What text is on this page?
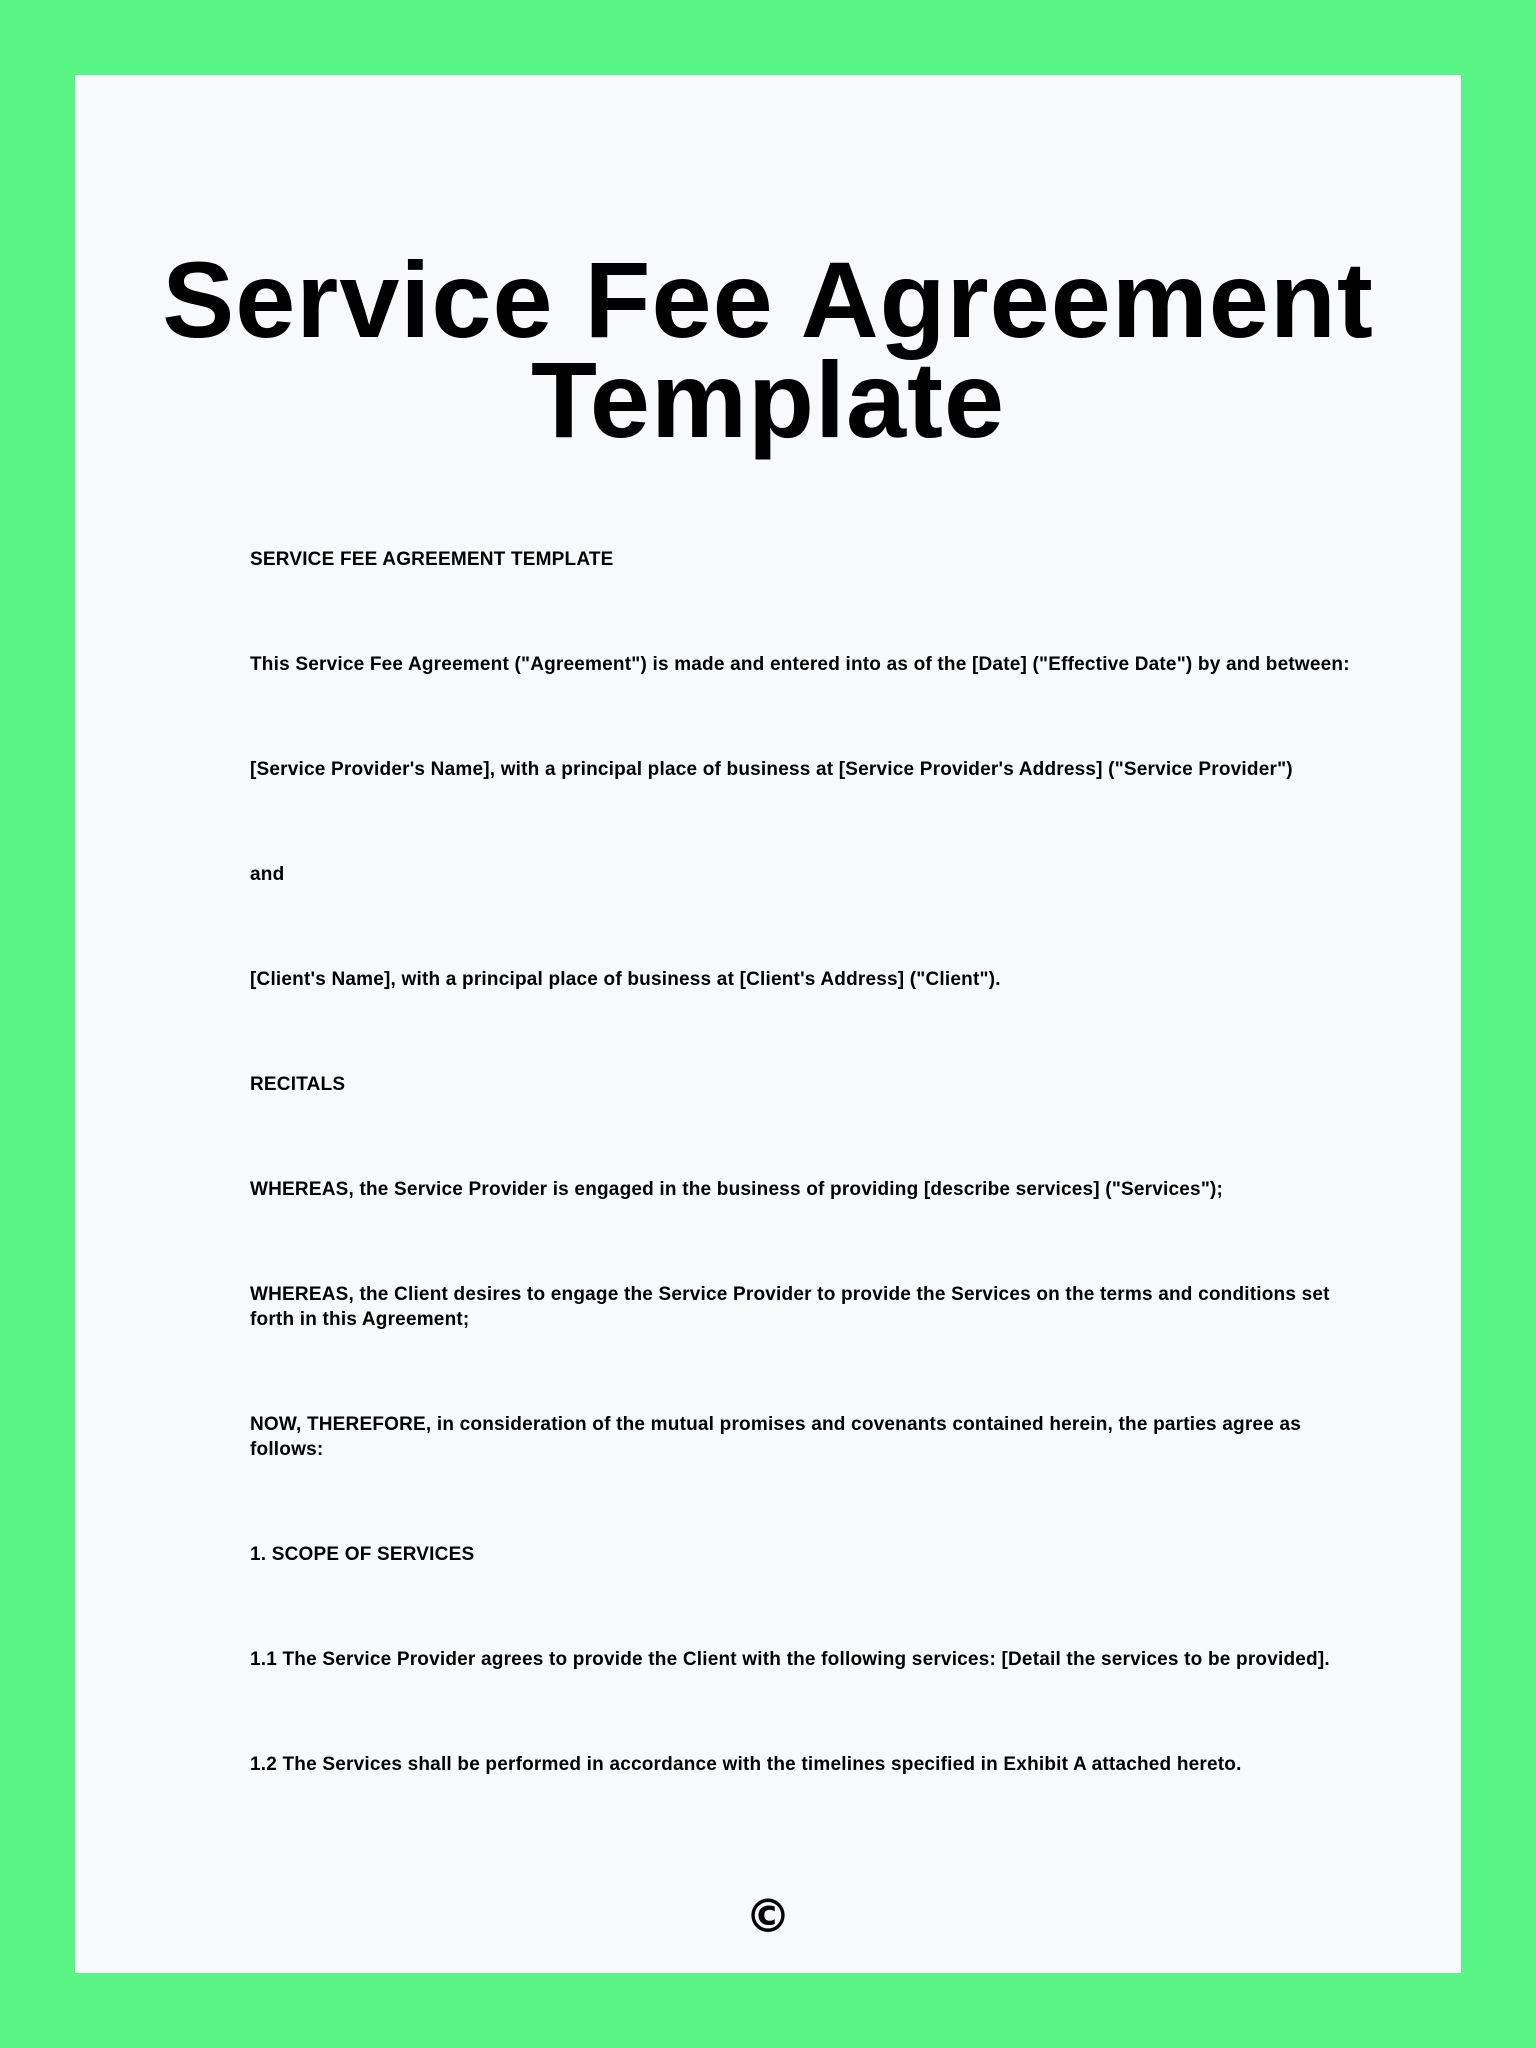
Service Fee Agreement
Template

SERVICE FEE AGREEMENT TEMPLATE

This Service Fee Agreement ("Agreement") is made and entered into as of the [Date] ("Effective Date") by and between:

[Service Provider's Name], with a principal place of business at [Service Provider's Address] ("Service Provider")

and

[Client's Name], with a principal place of business at [Client's Address] ("Client").

RECITALS

WHEREAS, the Service Provider is engaged in the business of providing [describe services] ("Services");

WHEREAS, the Client desires to engage the Service Provider to provide the Services on the terms and conditions set forth in this Agreement;

NOW, THEREFORE, in consideration of the mutual promises and covenants contained herein, the parties agree as follows:

1. SCOPE OF SERVICES

1.1 The Service Provider agrees to provide the Client with the following services: [Detail the services to be provided].

1.2 The Services shall be performed in accordance with the timelines specified in Exhibit A attached hereto.

©
